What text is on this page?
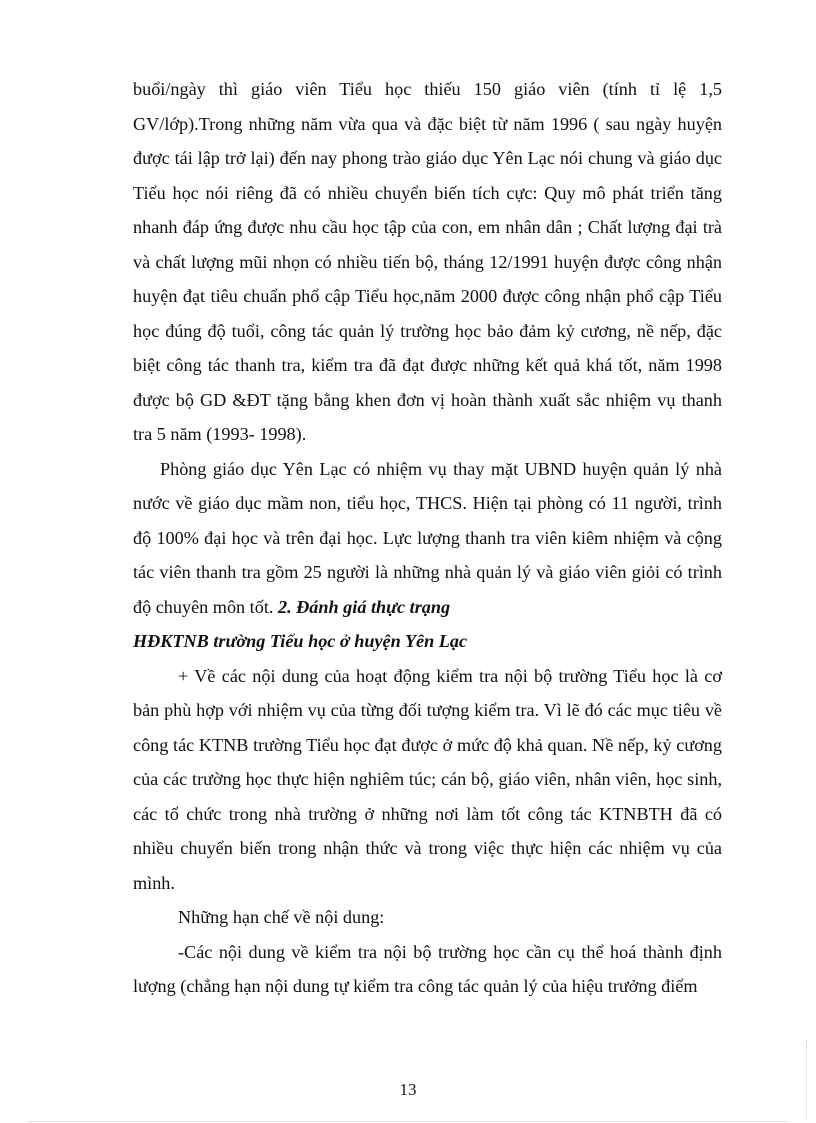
buổi/ngày thì giáo viên Tiểu học thiếu 150 giáo viên (tính tỉ lệ 1,5 GV/lớp).Trong những năm vừa qua và đặc biệt từ năm 1996 ( sau ngày huyện được tái lập trở lại) đến nay phong trào giáo dục Yên Lạc nói chung và giáo dục Tiểu học nói riêng đã có nhiều chuyển biến tích cực: Quy mô phát triển tăng nhanh đáp ứng được nhu cầu học tập của con, em nhân dân ; Chất lượng đại trà và chất lượng mũi nhọn có nhiều tiến bộ, tháng 12/1991 huyện được công nhận huyện đạt tiêu chuẩn phổ cập Tiểu học,năm 2000 được công nhận phổ cập Tiểu học đúng độ tuổi, công tác quản lý trường học bảo đảm kỷ cương, nề nếp, đặc biệt công tác thanh tra, kiểm tra đã đạt được những kết quả khá tốt, năm 1998 được bộ GD &ĐT tặng bằng khen đơn vị hoàn thành xuất sắc nhiệm vụ thanh tra 5 năm (1993- 1998).

Phòng giáo dục Yên Lạc có nhiệm vụ thay mặt UBND huyện quản lý nhà nước về giáo dục mầm non, tiểu học, THCS. Hiện tại phòng có 11 người, trình độ 100% đại học và trên đại học. Lực lượng thanh tra viên kiêm nhiệm và cộng tác viên thanh tra gồm 25 người là những nhà quản lý và giáo viên giỏi có trình độ chuyên môn tốt. 2. Đánh giá thực trạng

HĐKTNB trường Tiểu học ở huyện Yên Lạc

+ Về các nội dung của hoạt động kiểm tra nội bộ trường Tiểu học là cơ bản phù hợp với nhiệm vụ của từng đối tượng kiểm tra. Vì lẽ đó các mục tiêu về công tác KTNB trường Tiểu học đạt được ở mức độ khả quan. Nề nếp, kỷ cương của các trường học thực hiện nghiêm túc; cán bộ, giáo viên, nhân viên, học sinh, các tổ chức trong nhà trường ở những nơi làm tốt công tác KTNBTH đã có nhiều chuyển biến trong nhận thức và trong việc thực hiện các nhiệm vụ của mình.

Những hạn chế về nội dung:

-Các nội dung về kiểm tra nội bộ trường học cần cụ thể hoá thành định lượng (chẳng hạn nội dung tự kiểm tra công tác quản lý của hiệu trưởng điểm

13
